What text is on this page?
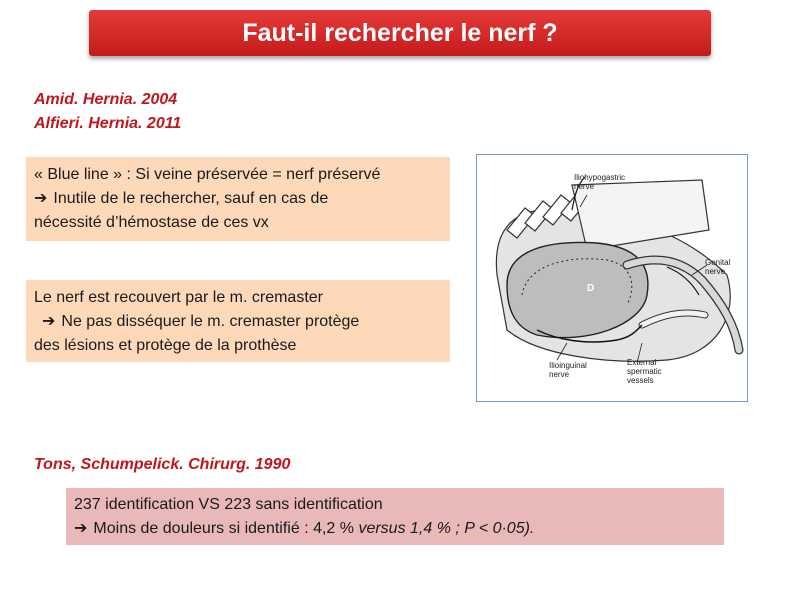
Faut-il rechercher le nerf ?
Amid. Hernia. 2004
Alfieri. Hernia. 2011
« Blue line » : Si veine préservée = nerf préservé
➔ Inutile de le rechercher, sauf en cas de
nécessité d’hémostase de ces vx
Le nerf est recouvert par le m. cremaster
➔ Ne pas disséquer le m. cremaster protège
des lésions et protège de la prothèse
Tons, Schumpelick. Chirurg. 1990
237 identification VS 223 sans identification
➔ Moins de douleurs si identifié : 4,2 % versus 1,4 % ; P < 0·05).
Iliohypogastric
nerve
Genital
nerve
D
Ilioinguinal
nerve
External
spermatic
vessels
